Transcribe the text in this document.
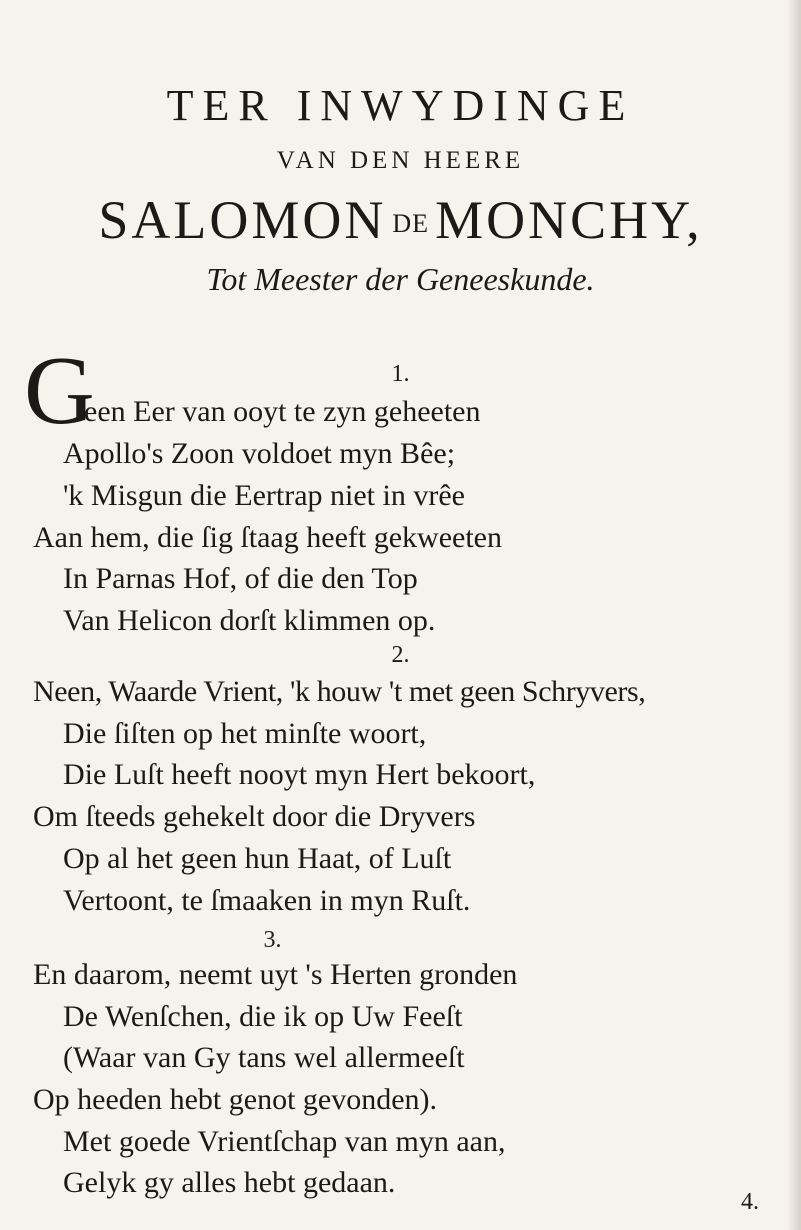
TER INWYDINGE
VAN DEN HEERE
SALOMON DE MONCHY,
Tot Meester der Geneeskunde.
1.
G
een Eer van ooyt te zyn geheeten
Apollo's Zoon voldoet myn Bêe;
'k Misgun die Eertrap niet in vrêe
Aan hem, die ſig ſtaag heeft gekweeten
In Parnas Hof, of die den Top
Van Helicon dorſt klimmen op.
2.
Neen, Waarde Vrient, 'k houw 't met geen Schryvers,
Die ſiſten op het minſte woort,
Die Luſt heeft nooyt myn Hert bekoort,
Om ſteeds gehekelt door die Dryvers
Op al het geen hun Haat, of Luſt
Vertoont, te ſmaaken in myn Ruſt.
3.
En daarom, neemt uyt 's Herten gronden
De Wenſchen, die ik op Uw Feeſt
(Waar van Gy tans wel allermeeſt
Op heeden hebt genot gevonden).
Met goede Vrientſchap van myn aan,
Gelyk gy alles hebt gedaan.
4.
